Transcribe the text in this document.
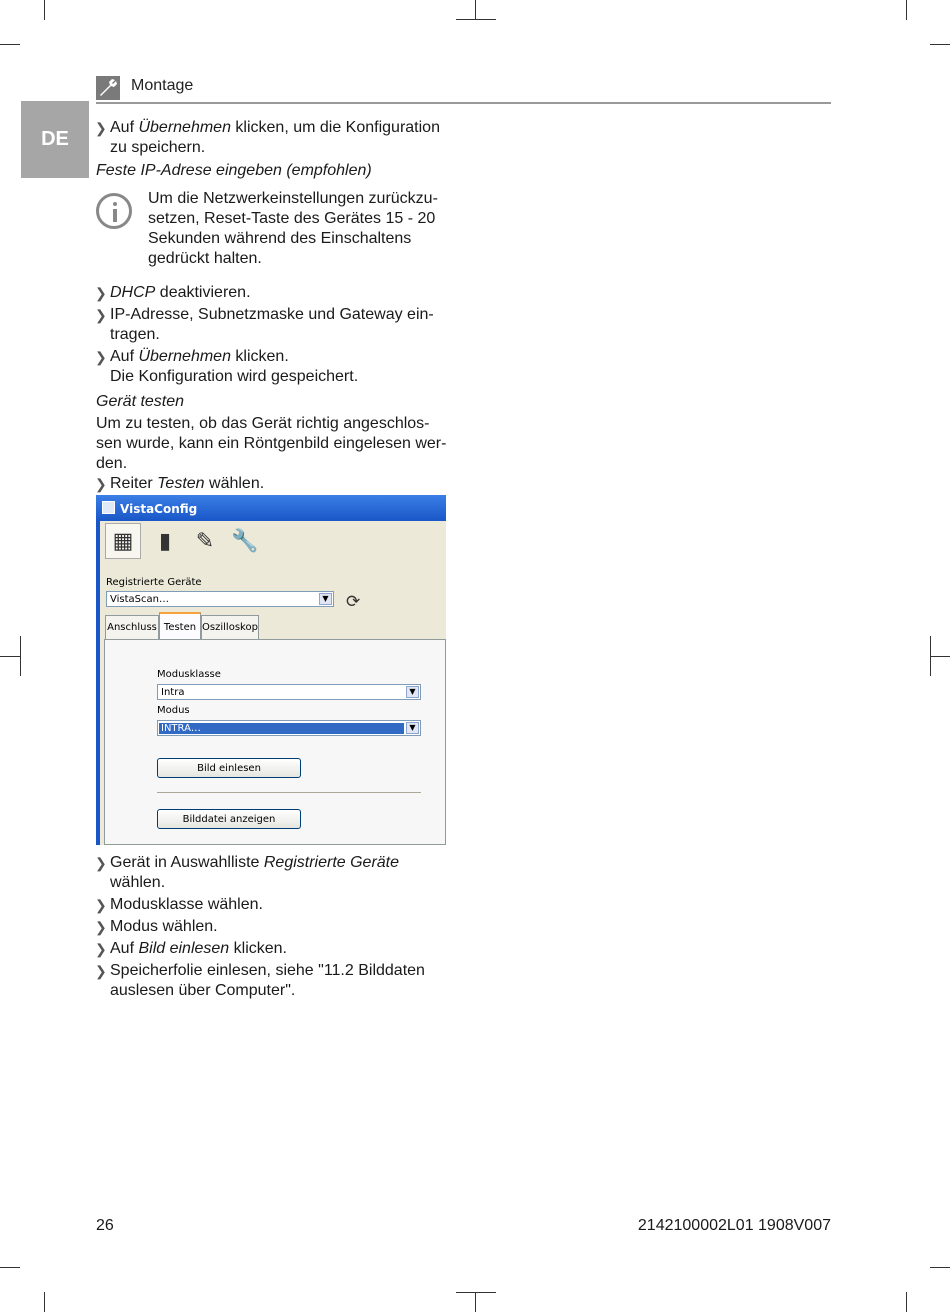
Montage
DE	❯ Auf Übernehmen klicken, um die Konfiguration zu speichern.
Feste IP-Adrese eingeben (empfohlen)
Um die Netzwerkeinstellungen zurückzu-setzen, Reset-Taste des Gerätes 15 - 20 Sekunden während des Einschaltens gedrückt halten.
❯ DHCP deaktivieren.
❯ IP-Adresse, Subnetzmaske und Gateway ein-tragen.
❯ Auf Übernehmen klicken.
Die Konfiguration wird gespeichert.
Gerät testen
Um zu testen, ob das Gerät richtig angeschlos-sen wurde, kann ein Röntgenbild eingelesen wer-den.
❯ Reiter Testen wählen.
VistaConfig
▦	▮	✎ 🔧
Registrierte Geräte
VistaScan…	▼ ⟳
Anschluss Testen Oszilloskop
Modusklasse
Intra	▼
Modus
INTRA…	▼
Bild einlesen
Bilddatei anzeigen
❯ Gerät in Auswahlliste Registrierte Geräte wählen.
❯ Modusklasse wählen.
❯ Modus wählen.
❯ Auf Bild einlesen klicken.
❯ Speicherfolie einlesen, siehe "11.2 Bilddaten auslesen über Computer".
26	2142100002L01 1908V007
